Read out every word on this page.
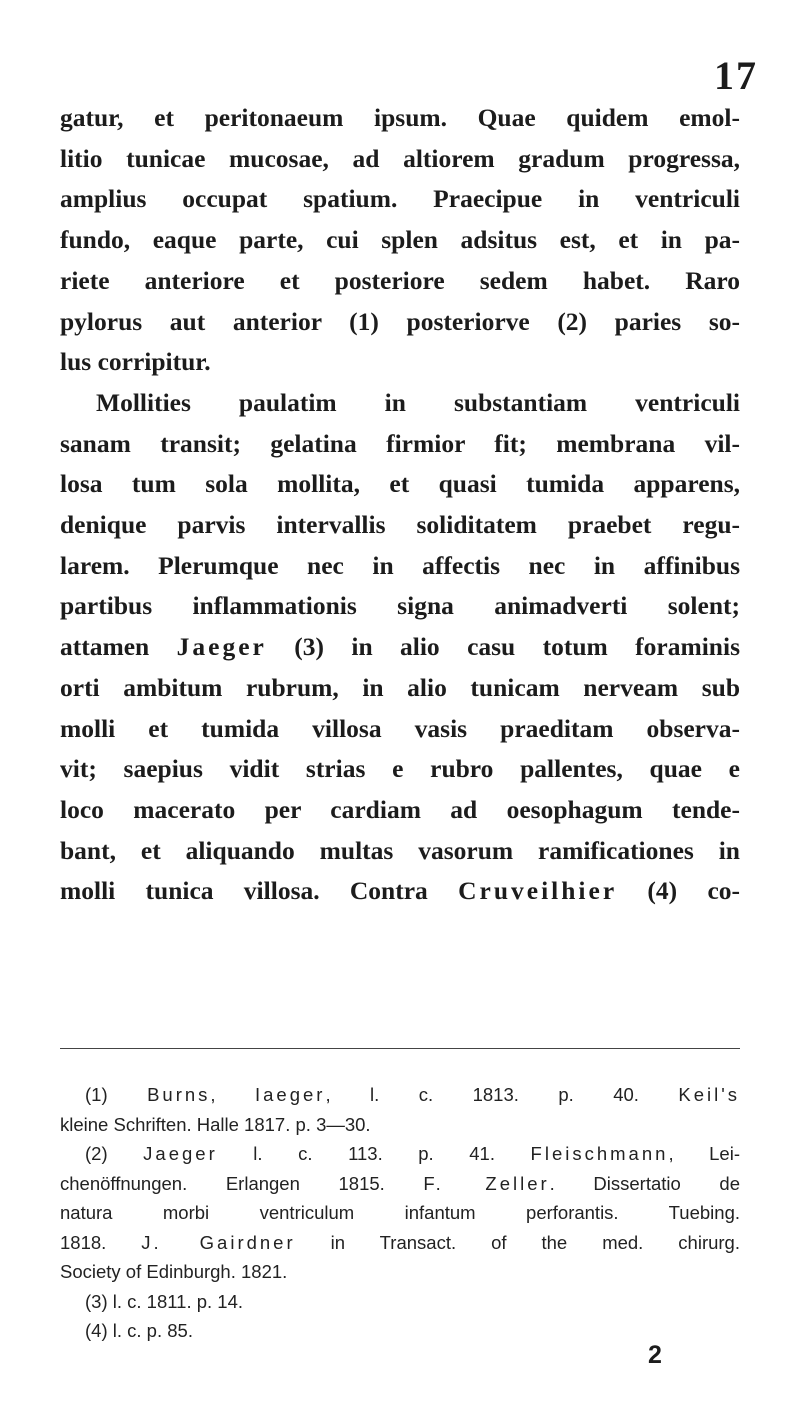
17
gatur, et peritonaeum ipsum. Quae quidem emol-
litio tunicae mucosae, ad altiorem gradum progressa,
amplius occupat spatium. Praecipue in ventriculi
fundo, eaque parte, cui splen adsitus est, et in pa-
riete anteriore et posteriore sedem habet. Raro
pylorus aut anterior (1) posteriorve (2) paries so-
lus corripitur.
Mollities paulatim in substantiam ventriculi
sanam transit; gelatina firmior fit; membrana vil-
losa tum sola mollita, et quasi tumida apparens,
denique parvis intervallis soliditatem praebet regu-
larem. Plerumque nec in affectis nec in affinibus
partibus inflammationis signa animadverti solent;
attamen Jaeger (3) in alio casu totum foraminis
orti ambitum rubrum, in alio tunicam nerveam sub
molli et tumida villosa vasis praeditam observa-
vit; saepius vidit strias e rubro pallentes, quae e
loco macerato per cardiam ad oesophagum tende-
bant, et aliquando multas vasorum ramificationes in
molli tunica villosa. Contra Cruveilhier (4) co-
(1) Burns, Iaeger, l. c. 1813. p. 40. Keil's
kleine Schriften. Halle 1817. p. 3—30.
(2) Jaeger l. c. 113. p. 41. Fleischmann, Lei-
chenöffnungen. Erlangen 1815. F. Zeller. Dissertatio de
natura morbi ventriculum infantum perforantis. Tuebing.
1818. J. Gairdner in Transact. of the med. chirurg.
Society of Edinburgh. 1821.
(3) l. c. 1811. p. 14.
(4) l. c. p. 85.
2
